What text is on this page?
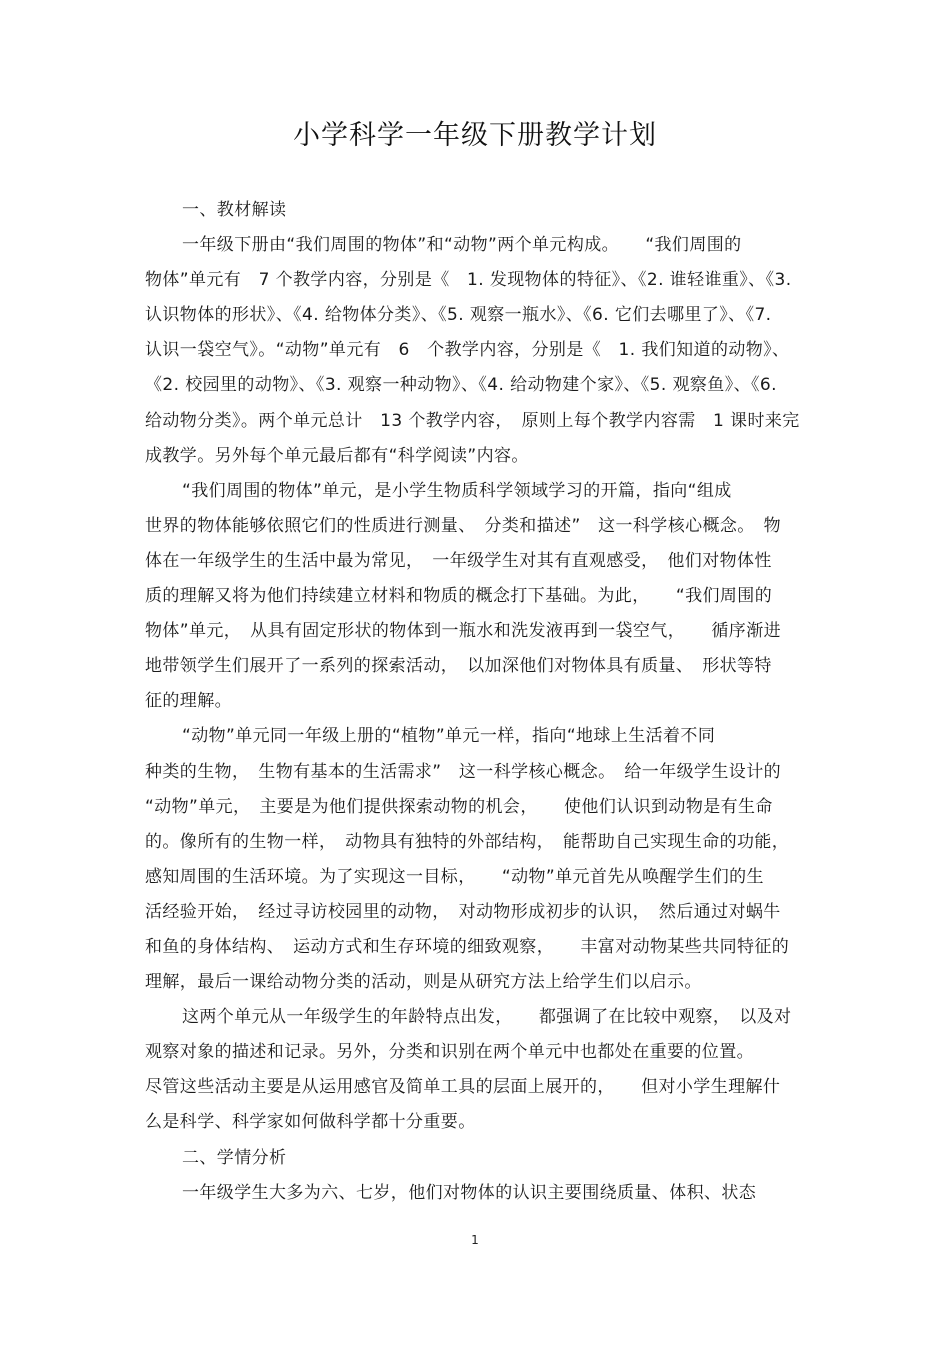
小学科学一年级下册教学计划
一、教材解读
一年级下册由“我们周围的物体”和“动物”两个单元构成。　　“我们周围的
物体”单元有　7 个教学内容，分别是《　1. 发现物体的特征》、《2. 谁轻谁重》、《3.
认识物体的形状》、《4. 给物体分类》、《5. 观察一瓶水》、《6. 它们去哪里了》、《7.
认识一袋空气》。“动物”单元有　6　个教学内容，分别是《　1. 我们知道的动物》、
《2. 校园里的动物》、《3. 观察一种动物》、《4. 给动物建个家》、《5. 观察鱼》、《6.
给动物分类》。两个单元总计　13 个教学内容，　原则上每个教学内容需　1 课时来完
成教学。另外每个单元最后都有“科学阅读”内容。
“我们周围的物体”单元，是小学生物质科学领域学习的开篇，指向“组成
世界的物体能够依照它们的性质进行测量、　分类和描述”　这一科学核心概念。　物
体在一年级学生的生活中最为常见，　一年级学生对其有直观感受，　他们对物体性
质的理解又将为他们持续建立材料和物质的概念打下基础。为此，　　“我们周围的
物体”单元，　从具有固定形状的物体到一瓶水和洗发液再到一袋空气，　　循序渐进
地带领学生们展开了一系列的探索活动，　以加深他们对物体具有质量、　形状等特
征的理解。
“动物”单元同一年级上册的“植物”单元一样，指向“地球上生活着不同
种类的生物，　生物有基本的生活需求”　这一科学核心概念。　给一年级学生设计的
“动物”单元，　主要是为他们提供探索动物的机会，　　使他们认识到动物是有生命
的。像所有的生物一样，　动物具有独特的外部结构，　能帮助自己实现生命的功能，
感知周围的生活环境。为了实现这一目标，　　“动物”单元首先从唤醒学生们的生
活经验开始，　经过寻访校园里的动物，　对动物形成初步的认识，　然后通过对蜗牛
和鱼的身体结构、　运动方式和生存环境的细致观察，　　丰富对动物某些共同特征的
理解，最后一课给动物分类的活动，则是从研究方法上给学生们以启示。
这两个单元从一年级学生的年龄特点出发，　　都强调了在比较中观察，　以及对
观察对象的描述和记录。另外，分类和识别在两个单元中也都处在重要的位置。
尽管这些活动主要是从运用感官及简单工具的层面上展开的，　　但对小学生理解什
么是科学、科学家如何做科学都十分重要。
二、学情分析
一年级学生大多为六、七岁，他们对物体的认识主要围绕质量、体积、状态
1
